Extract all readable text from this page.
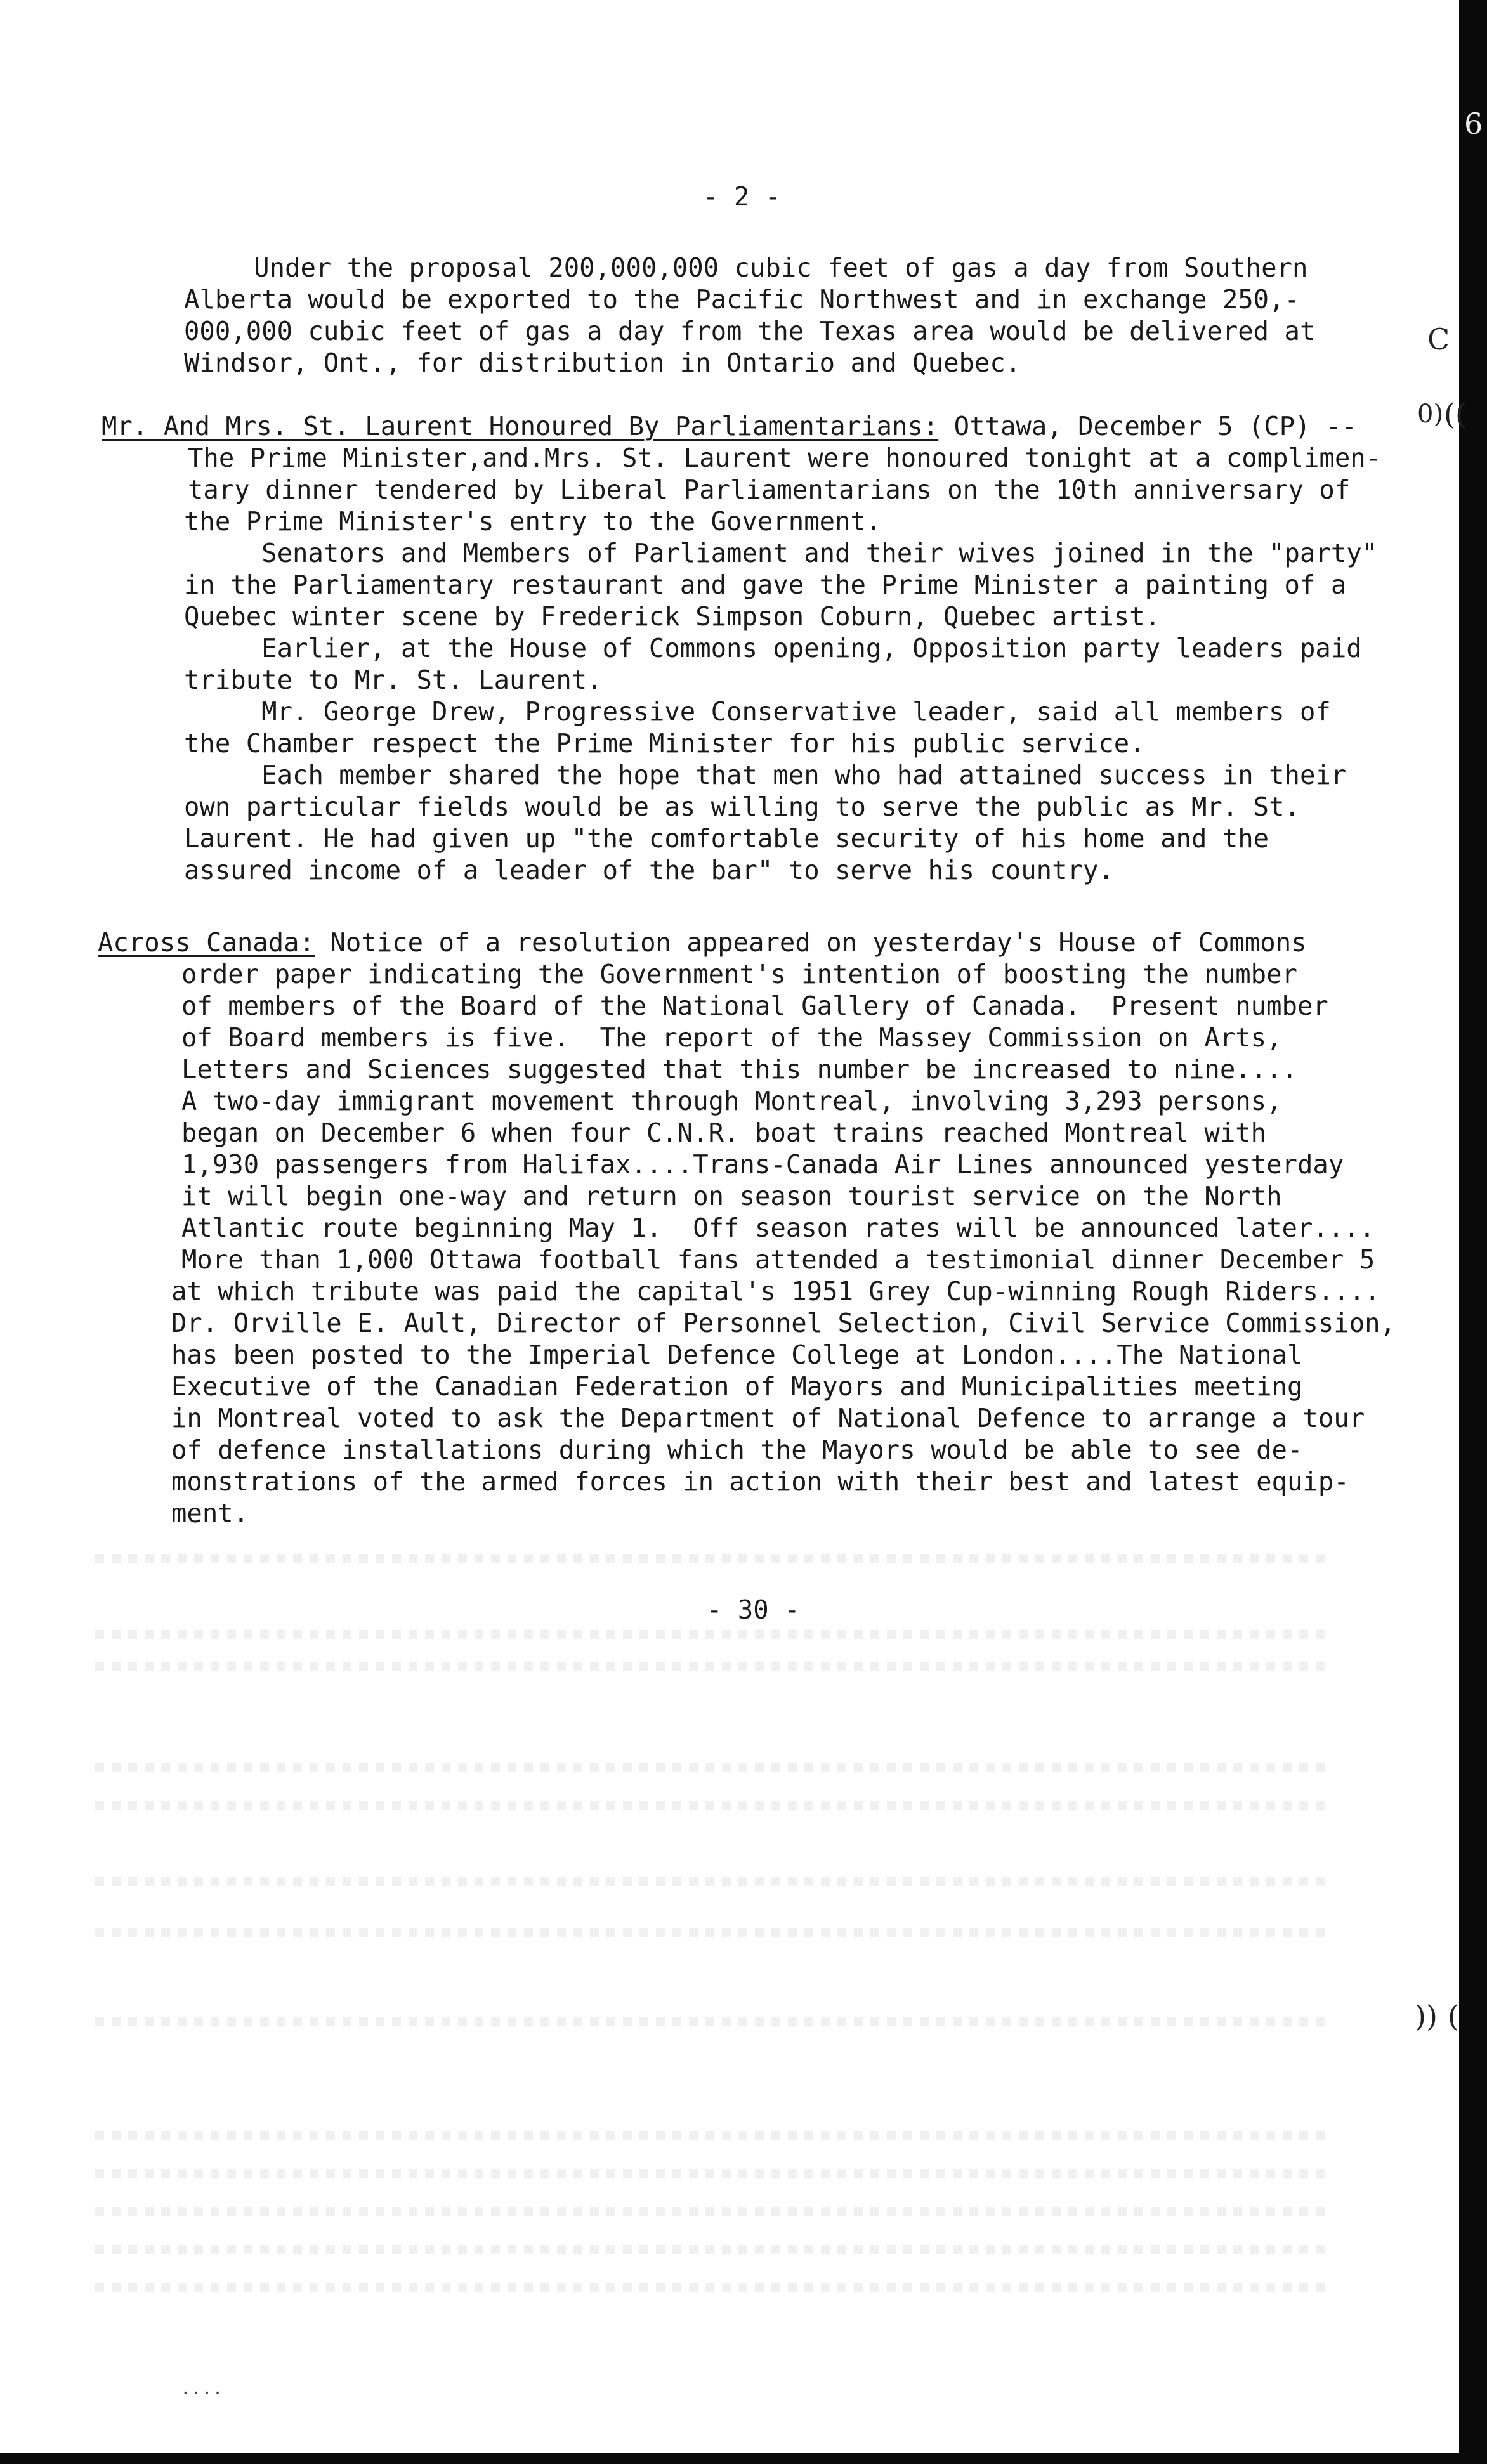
6
C
0) ((
)) (
- 2 -
Under the proposal 200,000,000 cubic feet of gas a day from Southern
Alberta would be exported to the Pacific Northwest and in exchange 250,-
000,000 cubic feet of gas a day from the Texas area would be delivered at
Windsor, Ont., for distribution in Ontario and Quebec.
Mr. And Mrs. St. Laurent Honoured By Parliamentarians: Ottawa, December 5 (CP) --
The Prime Minister,and.Mrs. St. Laurent were honoured tonight at a complimen-
tary dinner tendered by Liberal Parliamentarians on the 10th anniversary of
the Prime Minister's entry to the Government.
Senators and Members of Parliament and their wives joined in the "party"
in the Parliamentary restaurant and gave the Prime Minister a painting of a
Quebec winter scene by Frederick Simpson Coburn, Quebec artist.
Earlier, at the House of Commons opening, Opposition party leaders paid
tribute to Mr. St. Laurent.
Mr. George Drew, Progressive Conservative leader, said all members of
the Chamber respect the Prime Minister for his public service.
Each member shared the hope that men who had attained success in their
own particular fields would be as willing to serve the public as Mr. St.
Laurent. He had given up "the comfortable security of his home and the
assured income of a leader of the bar" to serve his country.
Across Canada: Notice of a resolution appeared on yesterday's House of Commons
order paper indicating the Government's intention of boosting the number
of members of the Board of the National Gallery of Canada.  Present number
of Board members is five.  The report of the Massey Commission on Arts,
Letters and Sciences suggested that this number be increased to nine....
A two-day immigrant movement through Montreal, involving 3,293 persons,
began on December 6 when four C.N.R. boat trains reached Montreal with
1,930 passengers from Halifax....Trans-Canada Air Lines announced yesterday
it will begin one-way and return on season tourist service on the North
Atlantic route beginning May 1.  Off season rates will be announced later....
More than 1,000 Ottawa football fans attended a testimonial dinner December 5
at which tribute was paid the capital's 1951 Grey Cup-winning Rough Riders....
Dr. Orville E. Ault, Director of Personnel Selection, Civil Service Commission,
has been posted to the Imperial Defence College at London....The National
Executive of the Canadian Federation of Mayors and Municipalities meeting
in Montreal voted to ask the Department of National Defence to arrange a tour
of defence installations during which the Mayors would be able to see de-
monstrations of the armed forces in action with their best and latest equip-
ment.
- 30 -
....
